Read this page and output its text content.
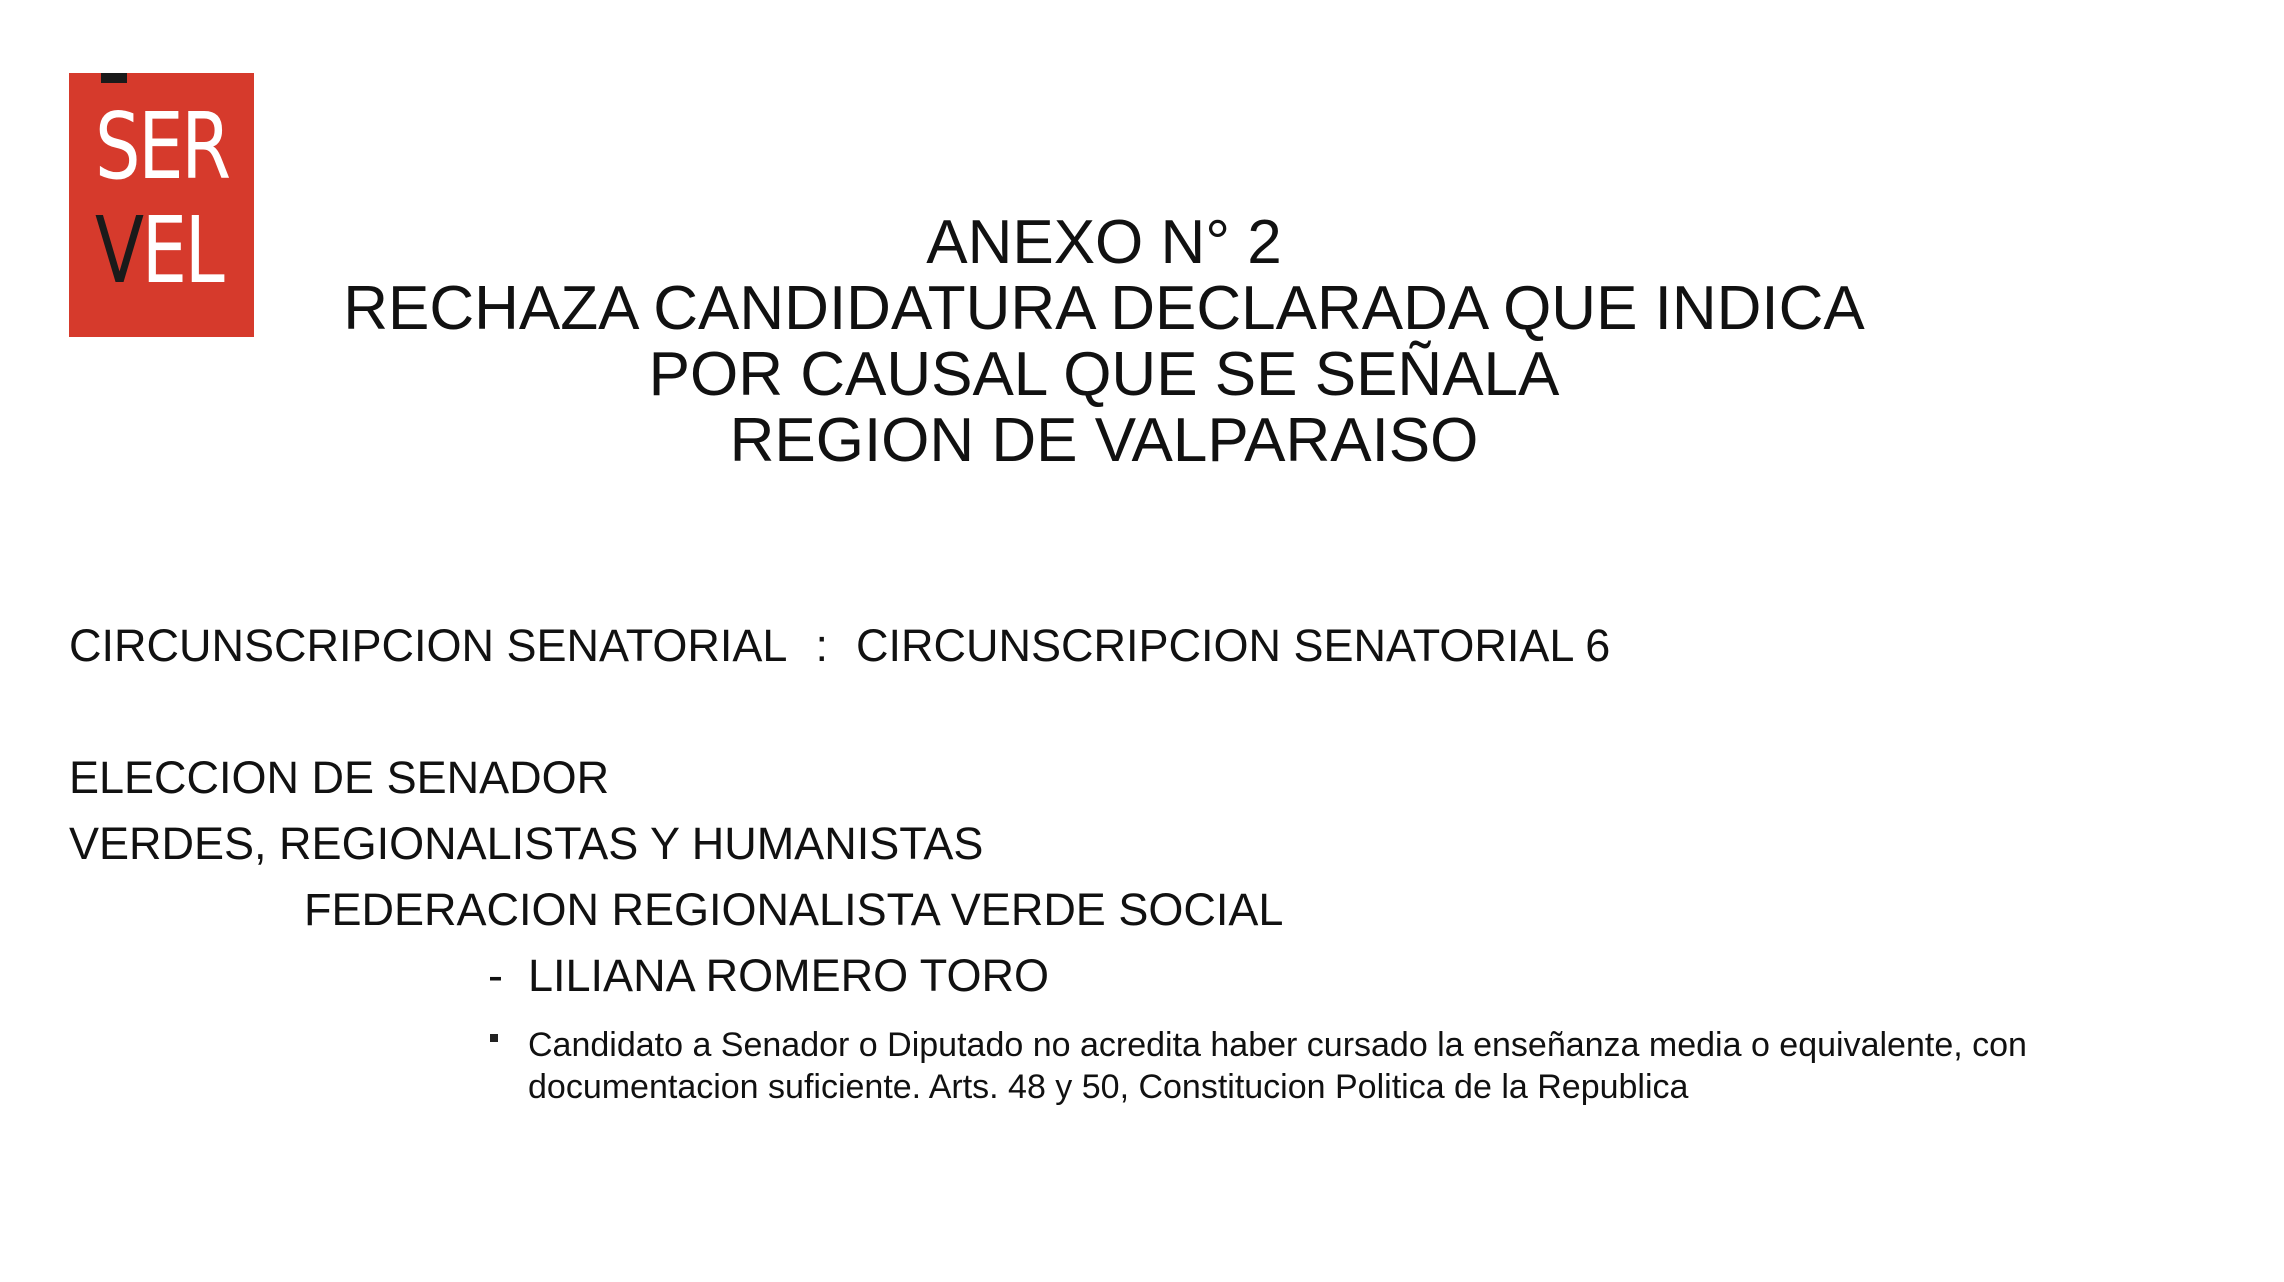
SER
VEL	ANEXO N° 2
RECHAZA CANDIDATURA DECLARADA QUE INDICA
POR CAUSAL QUE SE SEÑALA
REGION DE VALPARAISO
CIRCUNSCRIPCION SENATORIAL : CIRCUNSCRIPCION SENATORIAL 6
ELECCION DE SENADOR
VERDES, REGIONALISTAS Y HUMANISTAS
FEDERACION REGIONALISTA VERDE SOCIAL
- LILIANA ROMERO TORO
Candidato a Senador o Diputado no acredita haber cursado la enseñanza media o equivalente, con documentacion suficiente. Arts. 48 y 50, Constitucion Politica de la Republica
